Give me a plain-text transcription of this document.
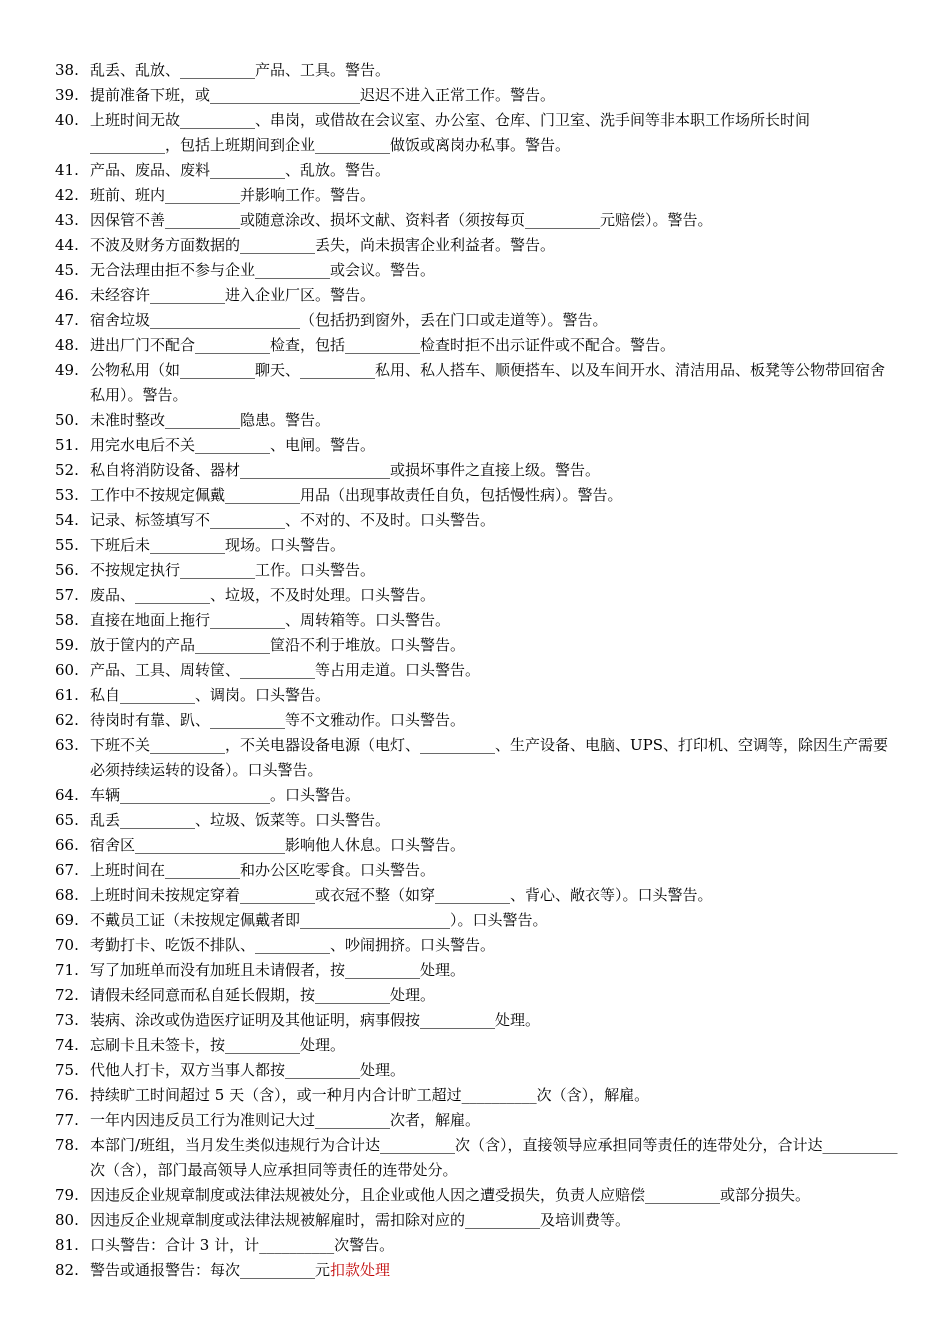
38. 乱丢、乱放、__________产品、工具。警告。
39. 提前准备下班，或____________________迟迟不进入正常工作。警告。
40. 上班时间无故__________、串岗，或借故在会议室、办公室、仓库、门卫室、洗手间等非本职工作场所长时间__________，包括上班期间到企业__________做饭或离岗办私事。警告。
41. 产品、废品、废料__________、乱放。警告。
42. 班前、班内__________并影响工作。警告。
43. 因保管不善__________或随意涂改、损坏文献、资料者（须按每页__________元赔偿）。警告。
44. 不波及财务方面数据的__________丢失，尚未损害企业利益者。警告。
45. 无合法理由拒不参与企业__________或会议。警告。
46. 未经容许__________进入企业厂区。警告。
47. 宿舍垃圾____________________（包括扔到窗外，丢在门口或走道等）。警告。
48. 进出厂门不配合__________检查，包括__________检查时拒不出示证件或不配合。警告。
49. 公物私用（如__________聊天、__________私用、私人搭车、顺便搭车、以及车间开水、清洁用品、板凳等公物带回宿舍私用）。警告。
50. 未准时整改__________隐患。警告。
51. 用完水电后不关__________、电闸。警告。
52. 私自将消防设备、器材____________________或损坏事件之直接上级。警告。
53. 工作中不按规定佩戴__________用品（出现事故责任自负，包括慢性病）。警告。
54. 记录、标签填写不__________、不对的、不及时。口头警告。
55. 下班后未__________现场。口头警告。
56. 不按规定执行__________工作。口头警告。
57. 废品、__________、垃圾，不及时处理。口头警告。
58. 直接在地面上拖行__________、周转箱等。口头警告。
59. 放于筐内的产品__________筐沿不利于堆放。口头警告。
60. 产品、工具、周转筐、__________等占用走道。口头警告。
61. 私自__________、调岗。口头警告。
62. 待岗时有靠、趴、__________等不文雅动作。口头警告。
63. 下班不关__________，不关电器设备电源（电灯、__________、生产设备、电脑、UPS、打印机、空调等，除因生产需要必须持续运转的设备）。口头警告。
64. 车辆____________________。口头警告。
65. 乱丢__________、垃圾、饭菜等。口头警告。
66. 宿舍区____________________影响他人休息。口头警告。
67. 上班时间在__________和办公区吃零食。口头警告。
68. 上班时间未按规定穿着__________或衣冠不整（如穿__________、背心、敞衣等）。口头警告。
69. 不戴员工证（未按规定佩戴者即____________________）。口头警告。
70. 考勤打卡、吃饭不排队、__________、吵闹拥挤。口头警告。
71. 写了加班单而没有加班且未请假者，按__________处理。
72. 请假未经同意而私自延长假期，按__________处理。
73. 装病、涂改或伪造医疗证明及其他证明，病事假按__________处理。
74. 忘刷卡且未签卡，按__________处理。
75. 代他人打卡，双方当事人都按__________处理。
76. 持续旷工时间超过 5 天（含），或一种月内合计旷工超过__________次（含），解雇。
77. 一年内因违反员工行为准则记大过__________次者，解雇。
78. 本部门/班组，当月发生类似违规行为合计达__________次（含），直接领导应承担同等责任的连带处分，合计达__________次（含），部门最高领导人应承担同等责任的连带处分。
79. 因违反企业规章制度或法律法规被处分，且企业或他人因之遭受损失，负责人应赔偿__________或部分损失。
80. 因违反企业规章制度或法律法规被解雇时，需扣除对应的__________及培训费等。
81. 口头警告：合计 3 计，计__________次警告。
82. 警告或通报警告：每次__________元扣款处理
